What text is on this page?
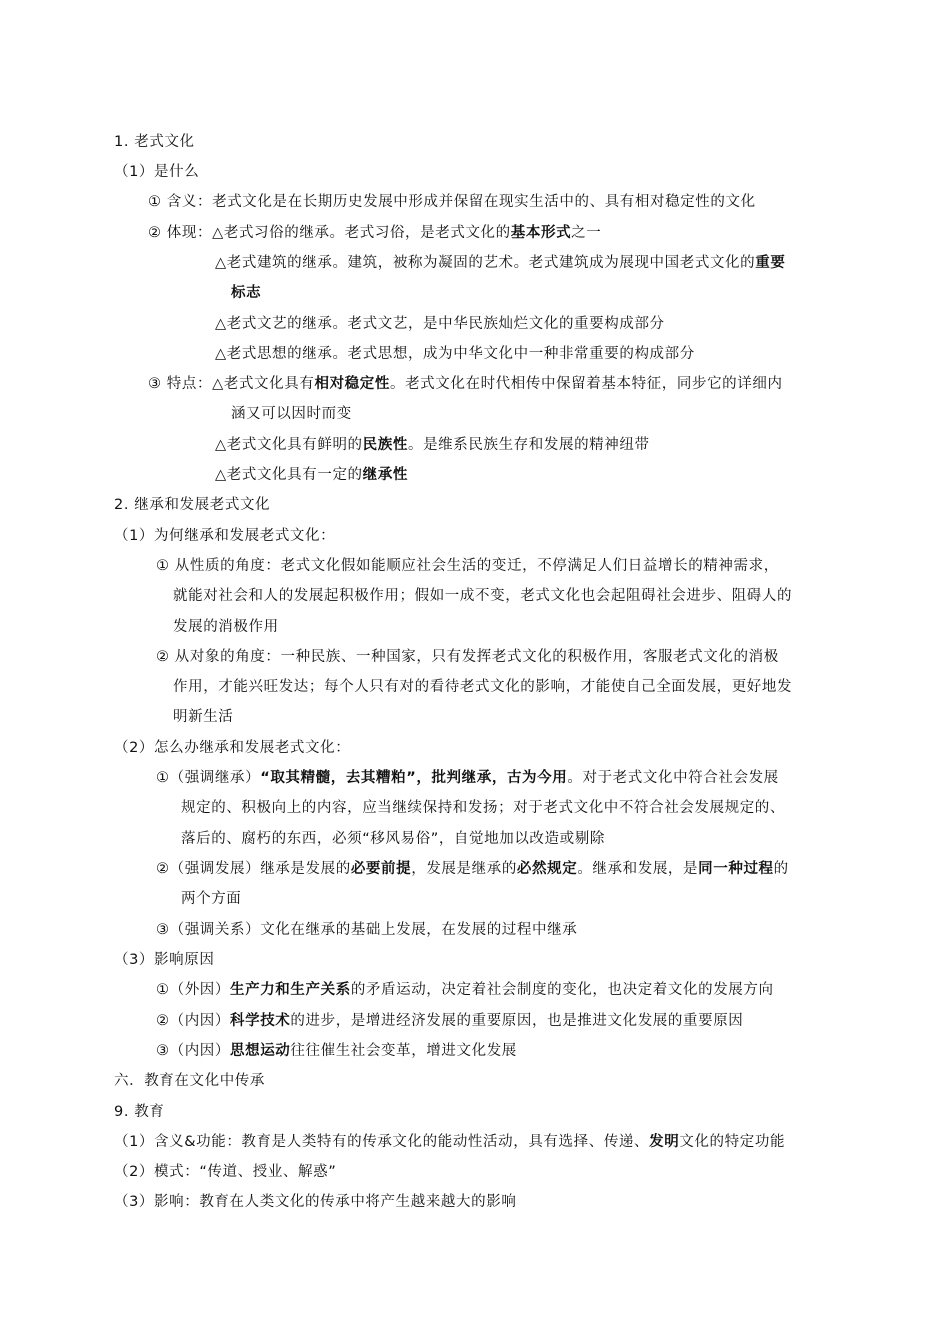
1. 老式文化
（1）是什么
① 含义：老式文化是在长期历史发展中形成并保留在现实生活中的、具有相对稳定性的文化
② 体现：△老式习俗的继承。老式习俗，是老式文化的基本形式之一
△老式建筑的继承。建筑，被称为凝固的艺术。老式建筑成为展现中国老式文化的重要
标志
△老式文艺的继承。老式文艺，是中华民族灿烂文化的重要构成部分
△老式思想的继承。老式思想，成为中华文化中一种非常重要的构成部分
③ 特点：△老式文化具有相对稳定性。老式文化在时代相传中保留着基本特征，同步它的详细内
涵又可以因时而变
△老式文化具有鲜明的民族性。是维系民族生存和发展的精神纽带
△老式文化具有一定的继承性
2. 继承和发展老式文化
（1）为何继承和发展老式文化：
① 从性质的角度：老式文化假如能顺应社会生活的变迁，不停满足人们日益增长的精神需求，
就能对社会和人的发展起积极作用；假如一成不变，老式文化也会起阻碍社会进步、阻碍人的
发展的消极作用
② 从对象的角度：一种民族、一种国家，只有发挥老式文化的积极作用，客服老式文化的消极
作用，才能兴旺发达；每个人只有对的看待老式文化的影响，才能使自己全面发展，更好地发
明新生活
（2）怎么办继承和发展老式文化：
①（强调继承）“取其精髓，去其糟粕”，批判继承，古为今用。对于老式文化中符合社会发展
规定的、积极向上的内容，应当继续保持和发扬；对于老式文化中不符合社会发展规定的、
落后的、腐朽的东西，必须“移风易俗”，自觉地加以改造或剔除
②（强调发展）继承是发展的必要前提，发展是继承的必然规定。继承和发展，是同一种过程的
两个方面
③（强调关系）文化在继承的基础上发展，在发展的过程中继承
（3）影响原因
①（外因）生产力和生产关系的矛盾运动，决定着社会制度的变化，也决定着文化的发展方向
②（内因）科学技术的进步，是增进经济发展的重要原因，也是推进文化发展的重要原因
③（内因）思想运动往往催生社会变革，增进文化发展
六．教育在文化中传承
9. 教育
（1）含义&功能：教育是人类特有的传承文化的能动性活动，具有选择、传递、发明文化的特定功能
（2）模式：“传道、授业、解惑”
（3）影响：教育在人类文化的传承中将产生越来越大的影响
